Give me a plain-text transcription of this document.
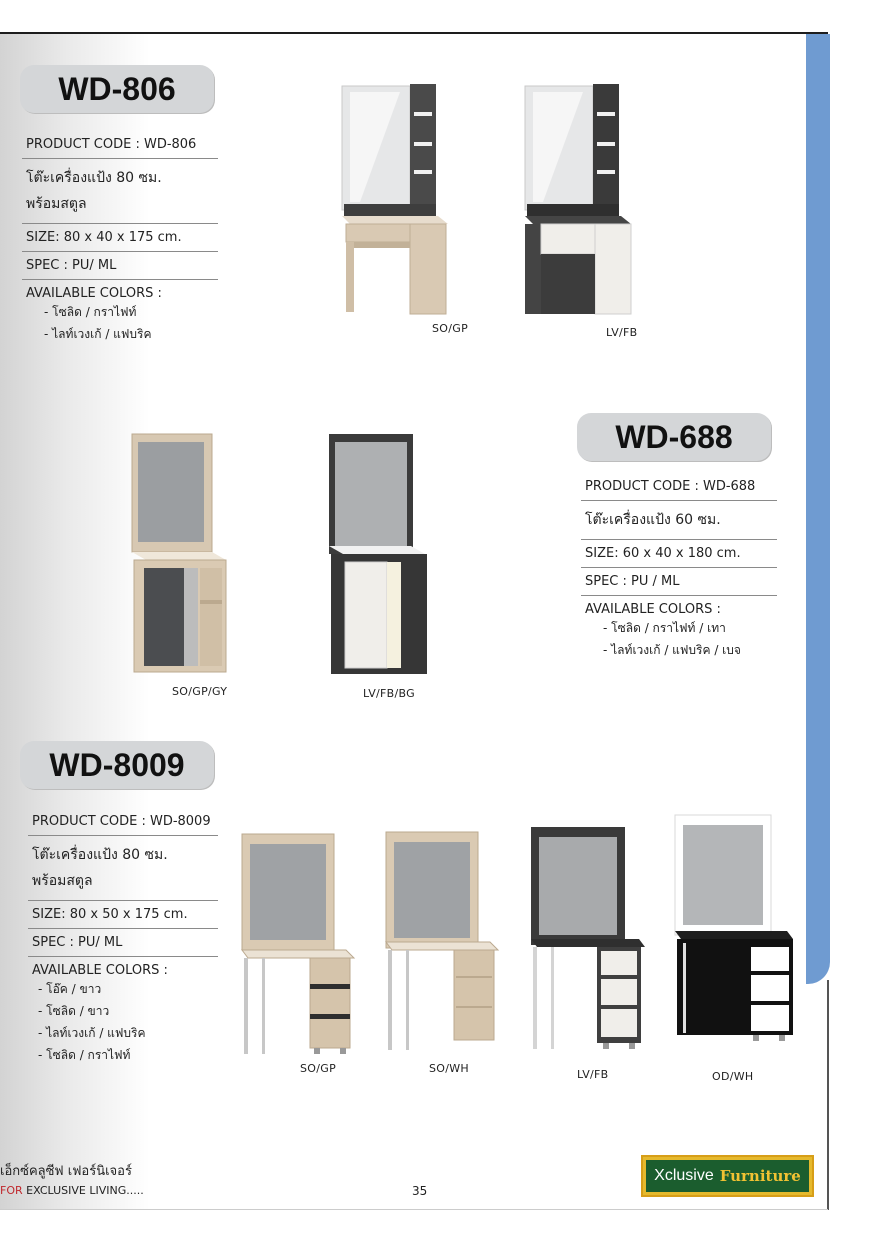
WD-806
PRODUCT CODE : WD-806
โต๊ะเครื่องแป้ง 80 ซม.
พร้อมสตูล
SIZE: 80 x 40 x 175 cm.
SPEC : PU/ ML
AVAILABLE COLORS :
- โซลิด / กราไฟท์
- ไลท์เวงเก้ / แฟบริค	SO/GP	LV/FB
WD-688
PRODUCT CODE : WD-688
โต๊ะเครื่องแป้ง 60 ซม.
SIZE: 60 x 40 x 180 cm.
SPEC : PU / ML
AVAILABLE COLORS :
- โซลิด / กราไฟท์ / เทา
- ไลท์เวงเก้ / แฟบริค / เบจ
SO/GP/GY	LV/FB/BG
WD-8009
PRODUCT CODE : WD-8009
โต๊ะเครื่องแป้ง 80 ซม.
พร้อมสตูล
SIZE: 80 x 50 x 175 cm.
SPEC : PU/ ML
AVAILABLE COLORS :
- โอ๊ค / ขาว
- โซลิด / ขาว
- ไลท์เวงเก้ / แฟบริค
- โซลิด / กราไฟท์
SO/GP	SO/WH	LV/FB	OD/WH
เอ็กซ์คลูซีฟ เฟอร์นิเจอร์
FOR EXCLUSIVE LIVING.....	35
Xclusive Furniture
